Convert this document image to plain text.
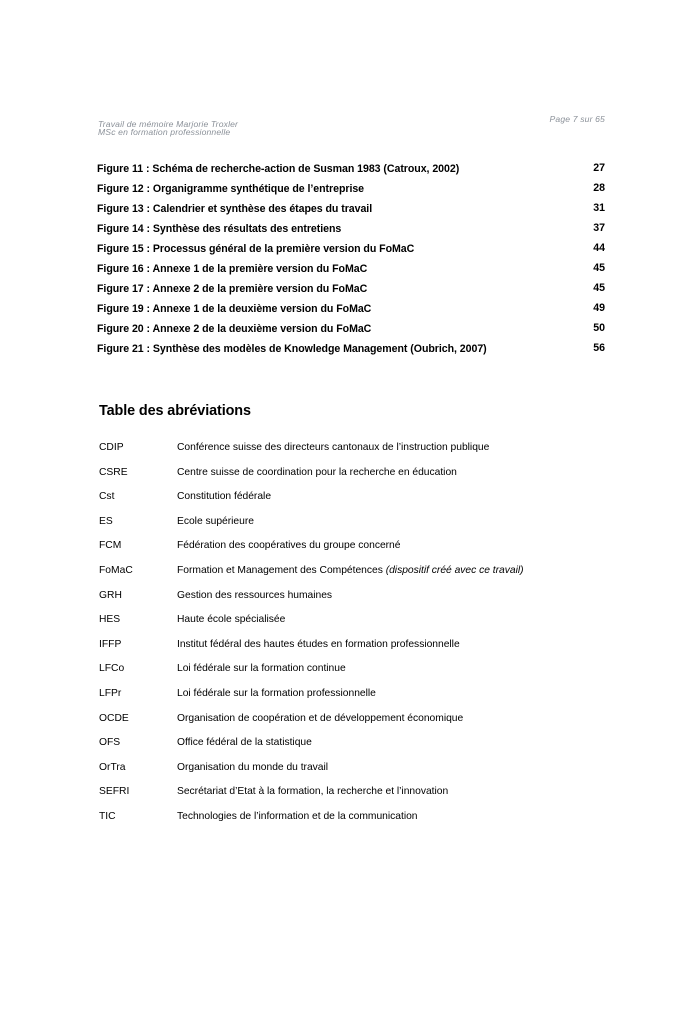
Travail de mémoire Marjorie Troxler	Page 7 sur 65
MSc en formation professionnelle
Figure 11 : Schéma de recherche-action de Susman 1983 (Catroux, 2002)	27
Figure 12 : Organigramme synthétique de l’entreprise	28
Figure 13 : Calendrier et synthèse des étapes du travail	31
Figure 14 : Synthèse des résultats des entretiens	37
Figure 15 : Processus général de la première version du FoMaC	44
Figure 16 : Annexe 1 de la première version du FoMaC	45
Figure 17 : Annexe 2 de la première version du FoMaC	45
Figure 19 : Annexe 1 de la deuxième version du FoMaC	49
Figure 20 : Annexe 2 de la deuxième version du FoMaC	50
Figure 21 : Synthèse des modèles de Knowledge Management (Oubrich, 2007)	56
Table des abréviations
CDIP	Conférence suisse des directeurs cantonaux de l’instruction publique
CSRE	Centre suisse de coordination pour la recherche en éducation
Cst	Constitution fédérale
ES	Ecole supérieure
FCM	Fédération des coopératives du groupe concerné
FoMaC	Formation et Management des Compétences (dispositif créé avec ce travail)
GRH	Gestion des ressources humaines
HES	Haute école spécialisée
IFFP	Institut fédéral des hautes études en formation professionnelle
LFCo	Loi fédérale sur la formation continue
LFPr	Loi fédérale sur la formation professionnelle
OCDE	Organisation de coopération et de développement économique
OFS	Office fédéral de la statistique
OrTra	Organisation du monde du travail
SEFRI	Secrétariat d’Etat à la formation, la recherche et l’innovation
TIC	Technologies de l’information et de la communication
